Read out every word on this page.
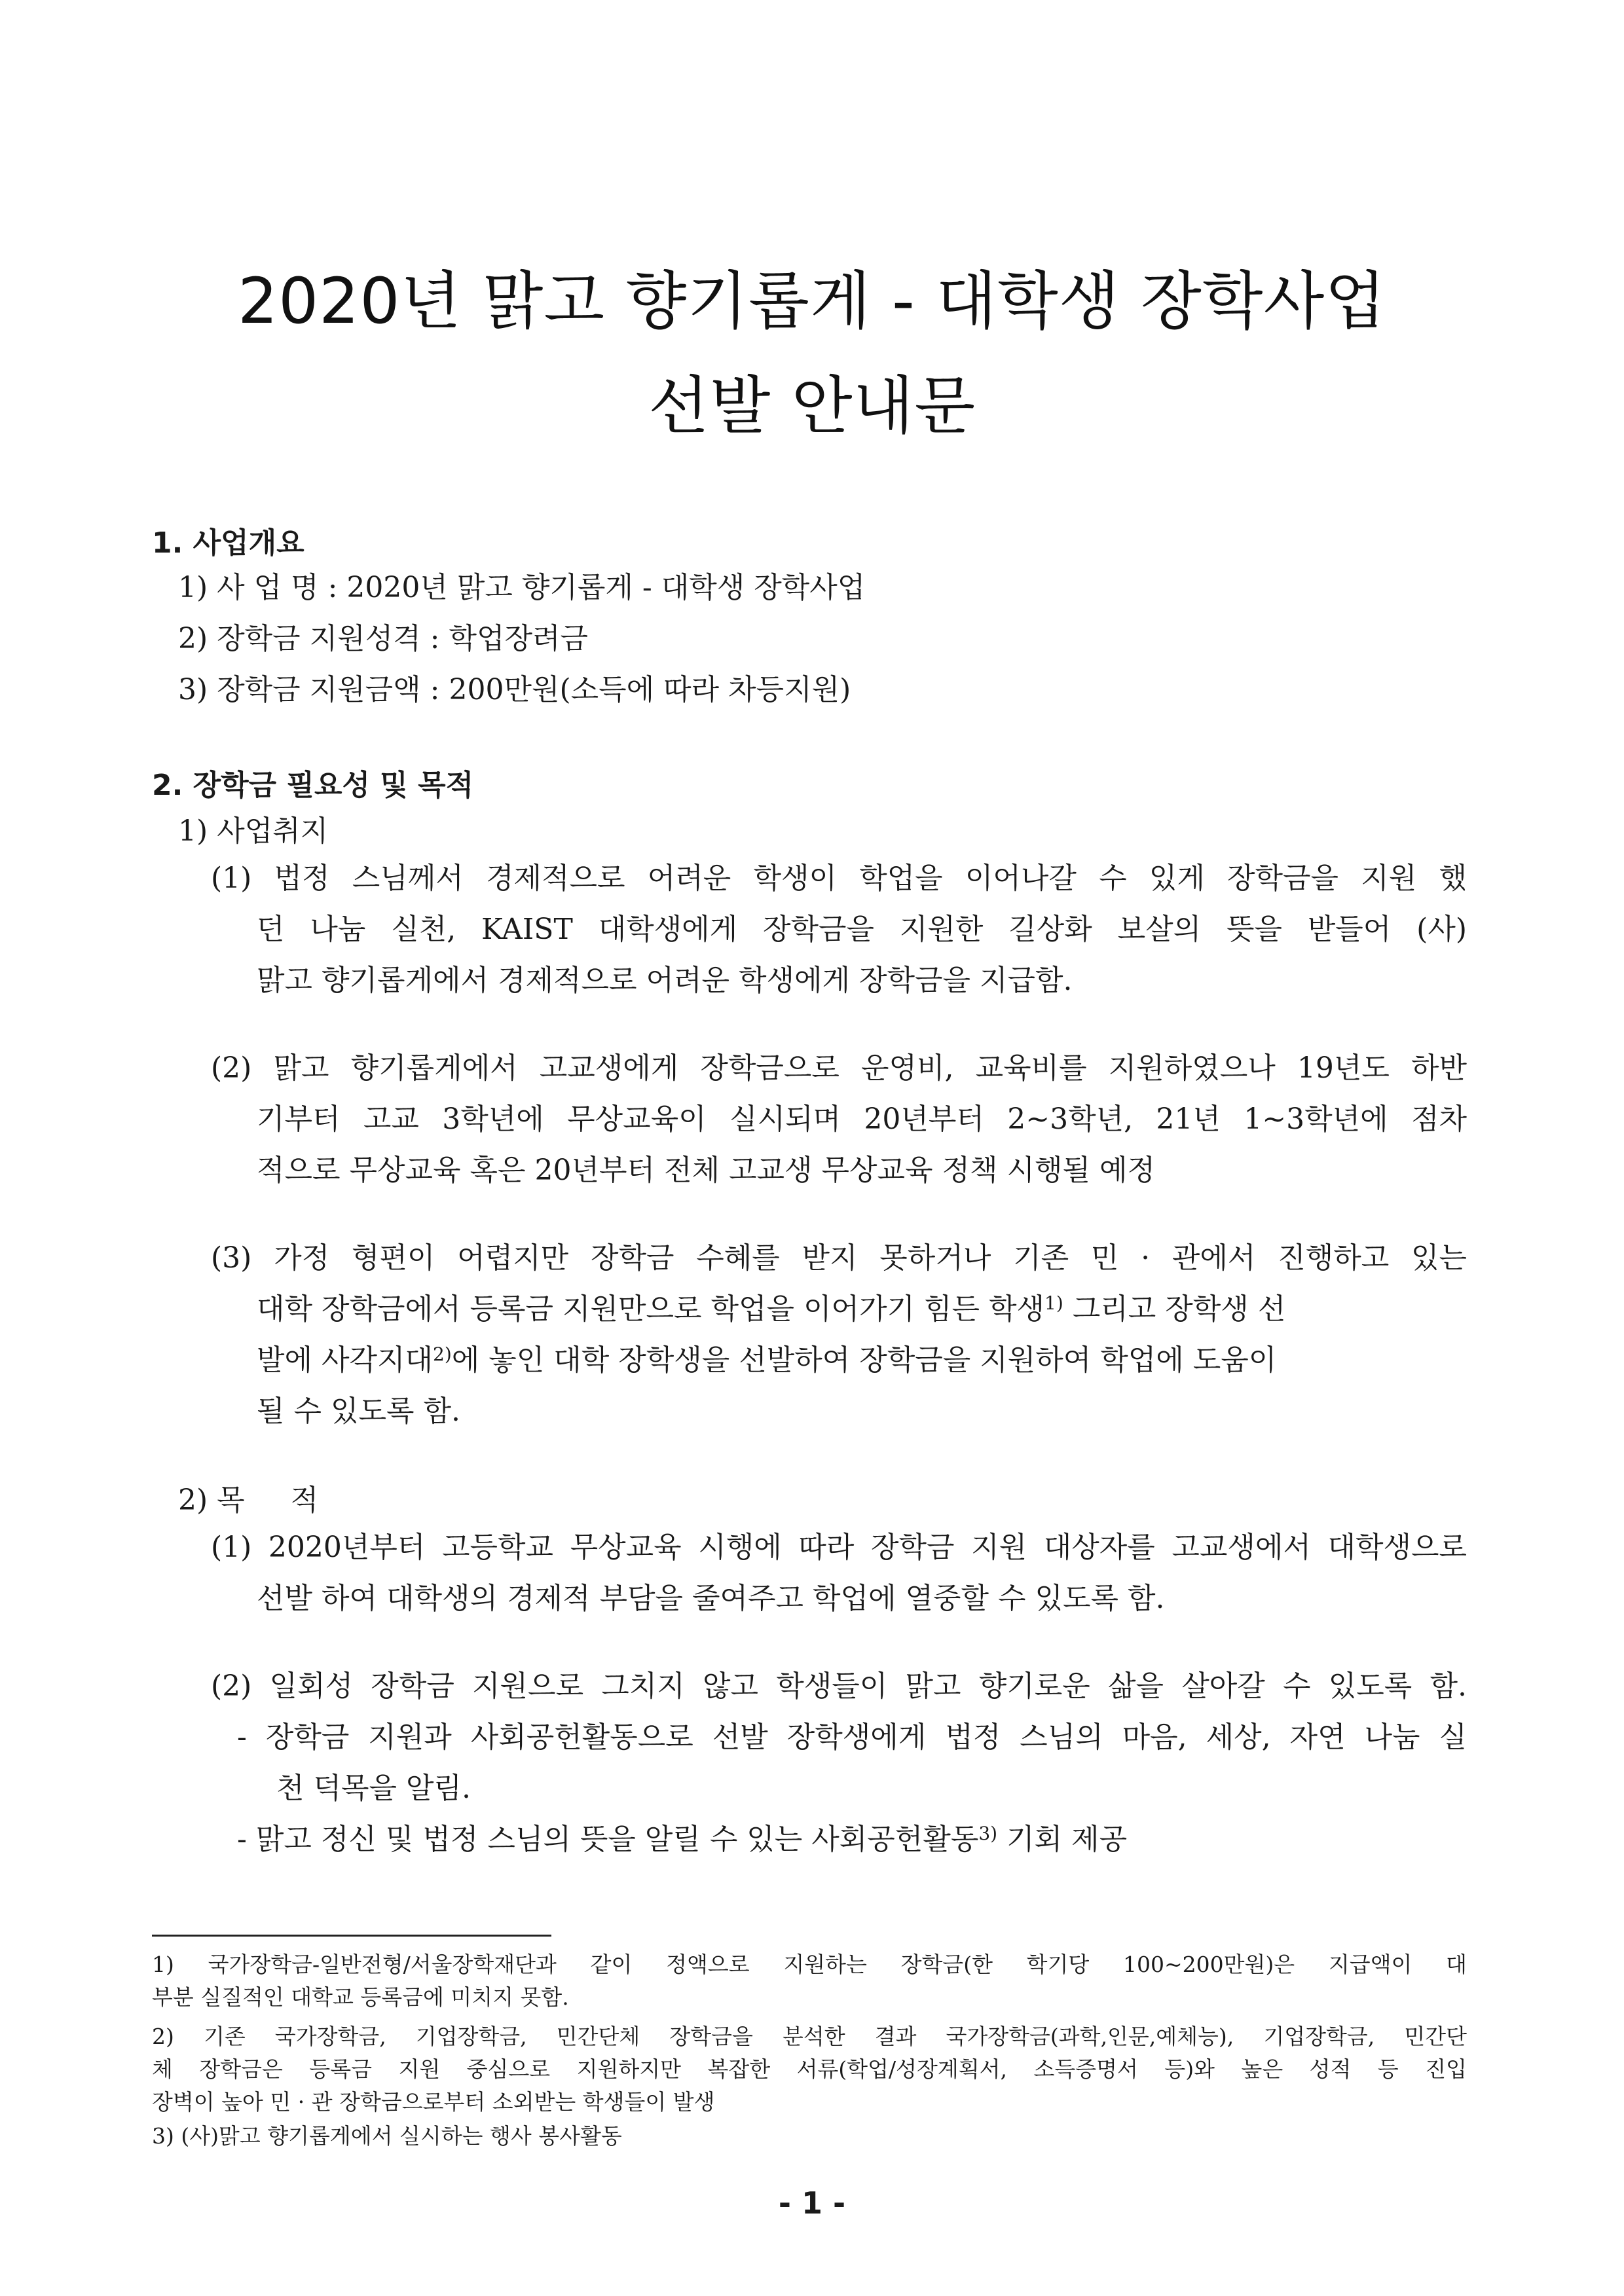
2020년 맑고 향기롭게 - 대학생 장학사업
선발 안내문
1. 사업개요
1) 사 업 명 : 2020년 맑고 향기롭게 - 대학생 장학사업
2) 장학금 지원성격 : 학업장려금
3) 장학금 지원금액 : 200만원(소득에 따라 차등지원)
2. 장학금 필요성 및 목적
1) 사업취지
(1) 법정 스님께서 경제적으로 어려운 학생이 학업을 이어나갈 수 있게 장학금을 지원 했
던 나눔 실천, KAIST 대학생에게 장학금을 지원한 길상화 보살의 뜻을 받들어 (사)
맑고 향기롭게에서 경제적으로 어려운 학생에게 장학금을 지급함.
(2) 맑고 향기롭게에서 고교생에게 장학금으로 운영비, 교육비를 지원하였으나 19년도 하반
기부터 고교 3학년에 무상교육이 실시되며 20년부터 2~3학년, 21년 1~3학년에 점차
적으로 무상교육 혹은 20년부터 전체 고교생 무상교육 정책 시행될 예정
(3) 가정 형편이 어렵지만 장학금 수혜를 받지 못하거나 기존 민 · 관에서 진행하고 있는
대학 장학금에서 등록금 지원만으로 학업을 이어가기 힘든 학생$^{1)}$ 그리고 장학생 선
발에 사각지대$^{2)}$에 놓인 대학 장학생을 선발하여 장학금을 지원하여 학업에 도움이
될 수 있도록 함.
2) 목     적
(1) 2020년부터 고등학교 무상교육 시행에 따라 장학금 지원 대상자를 고교생에서 대학생으로
선발 하여 대학생의 경제적 부담을 줄여주고 학업에 열중할 수 있도록 함.
(2) 일회성 장학금 지원으로 그치지 않고 학생들이 맑고 향기로운 삶을 살아갈 수 있도록 함.
- 장학금 지원과 사회공헌활동으로 선발 장학생에게 법정 스님의 마음, 세상, 자연 나눔 실
천 덕목을 알림.
- 맑고 정신 및 법정 스님의 뜻을 알릴 수 있는 사회공헌활동$^{3)}$ 기회 제공
1) 국가장학금-일반전형/서울장학재단과 같이 정액으로 지원하는 장학금(한 학기당 100~200만원)은 지급액이 대
부분 실질적인 대학교 등록금에 미치지 못함.
2) 기존 국가장학금, 기업장학금, 민간단체 장학금을 분석한 결과 국가장학금(과학,인문,예체능), 기업장학금, 민간단
체 장학금은 등록금 지원 중심으로 지원하지만 복잡한 서류(학업/성장계획서, 소득증명서 등)와 높은 성적 등 진입
장벽이 높아 민 · 관 장학금으로부터 소외받는 학생들이 발생
3) (사)맑고 향기롭게에서 실시하는 행사 봉사활동
- 1 -
